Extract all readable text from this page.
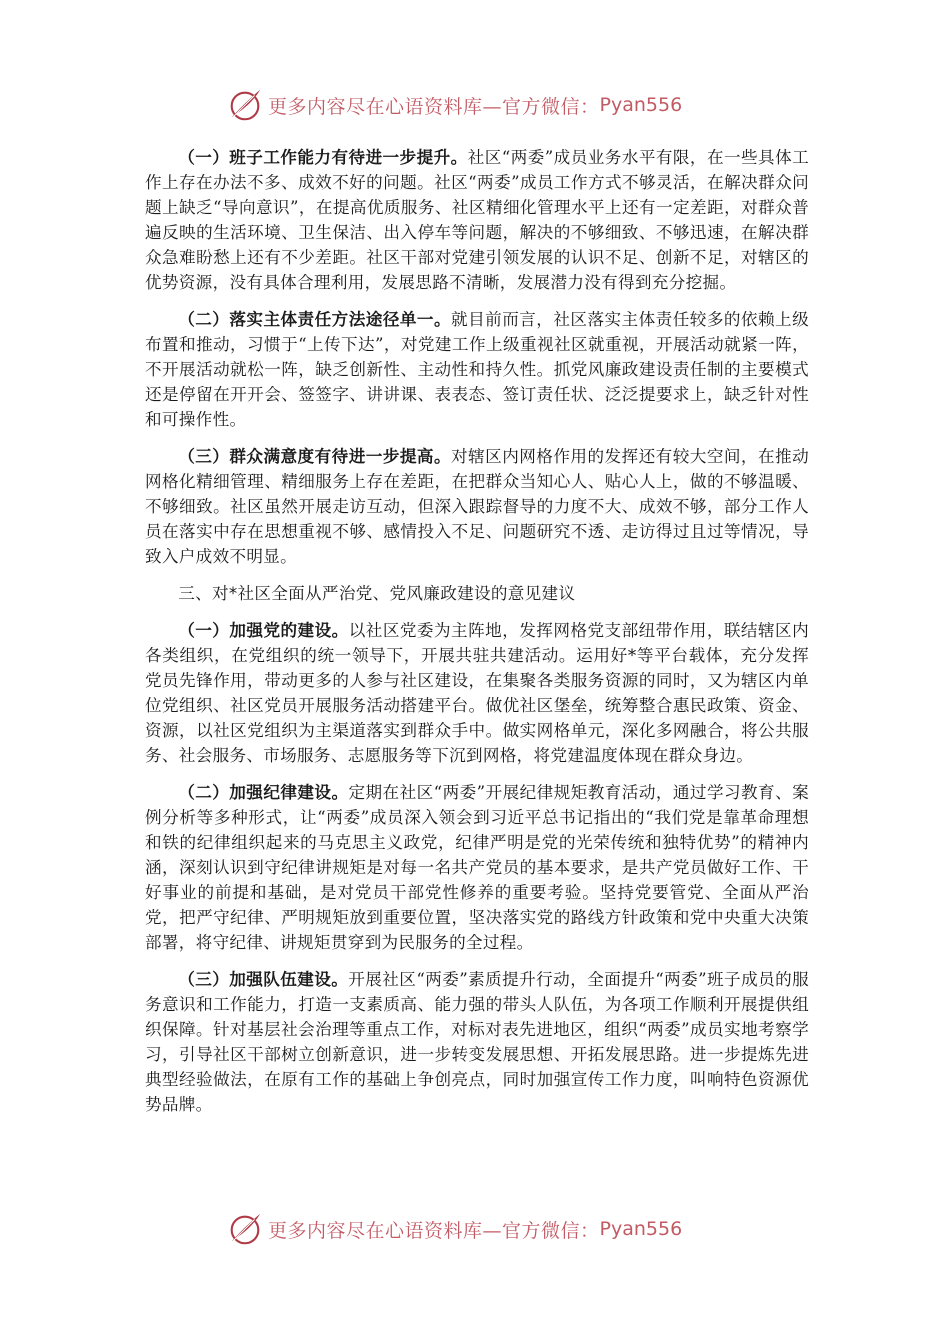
更多内容尽在心语资料库—官方微信： Pyan556

（一）班子工作能力有待进一步提升。社区“两委”成员业务水平有限，在一些具体工作上存在办法不多、成效不好的问题。社区“两委”成员工作方式不够灵活，在解决群众问题上缺乏“导向意识”，在提高优质服务、社区精细化管理水平上还有一定差距，对群众普遍反映的生活环境、卫生保洁、出入停车等问题，解决的不够细致、不够迅速，在解决群众急难盼愁上还有不少差距。社区干部对党建引领发展的认识不足、创新不足，对辖区的优势资源，没有具体合理利用，发展思路不清晰，发展潜力没有得到充分挖掘。

（二）落实主体责任方法途径单一。就目前而言，社区落实主体责任较多的依赖上级布置和推动，习惯于“上传下达”，对党建工作上级重视社区就重视，开展活动就紧一阵，不开展活动就松一阵，缺乏创新性、主动性和持久性。抓党风廉政建设责任制的主要模式还是停留在开开会、签签字、讲讲课、表表态、签订责任状、泛泛提要求上，缺乏针对性和可操作性。

（三）群众满意度有待进一步提高。对辖区内网格作用的发挥还有较大空间，在推动网格化精细管理、精细服务上存在差距，在把群众当知心人、贴心人上，做的不够温暖、不够细致。社区虽然开展走访互动，但深入跟踪督导的力度不大、成效不够，部分工作人员在落实中存在思想重视不够、感情投入不足、问题研究不透、走访得过且过等情况，导致入户成效不明显。

三、对*社区全面从严治党、党风廉政建设的意见建议

（一）加强党的建设。以社区党委为主阵地，发挥网格党支部纽带作用，联结辖区内各类组织，在党组织的统一领导下，开展共驻共建活动。运用好*等平台载体，充分发挥党员先锋作用，带动更多的人参与社区建设，在集聚各类服务资源的同时，又为辖区内单位党组织、社区党员开展服务活动搭建平台。做优社区堡垒，统筹整合惠民政策、资金、资源，以社区党组织为主渠道落实到群众手中。做实网格单元，深化多网融合，将公共服务、社会服务、市场服务、志愿服务等下沉到网格，将党建温度体现在群众身边。

（二）加强纪律建设。定期在社区“两委”开展纪律规矩教育活动，通过学习教育、案例分析等多种形式，让“两委”成员深入领会到习近平总书记指出的“我们党是靠革命理想和铁的纪律组织起来的马克思主义政党，纪律严明是党的光荣传统和独特优势”的精神内涵，深刻认识到守纪律讲规矩是对每一名共产党员的基本要求，是共产党员做好工作、干好事业的前提和基础，是对党员干部党性修养的重要考验。坚持党要管党、全面从严治党，把严守纪律、严明规矩放到重要位置，坚决落实党的路线方针政策和党中央重大决策部署，将守纪律、讲规矩贯穿到为民服务的全过程。

（三）加强队伍建设。开展社区“两委”素质提升行动，全面提升“两委”班子成员的服务意识和工作能力，打造一支素质高、能力强的带头人队伍，为各项工作顺利开展提供组织保障。针对基层社会治理等重点工作，对标对表先进地区，组织“两委”成员实地考察学习，引导社区干部树立创新意识，进一步转变发展思想、开拓发展思路。进一步提炼先进典型经验做法，在原有工作的基础上争创亮点，同时加强宣传工作力度，叫响特色资源优势品牌。

更多内容尽在心语资料库—官方微信： Pyan556
